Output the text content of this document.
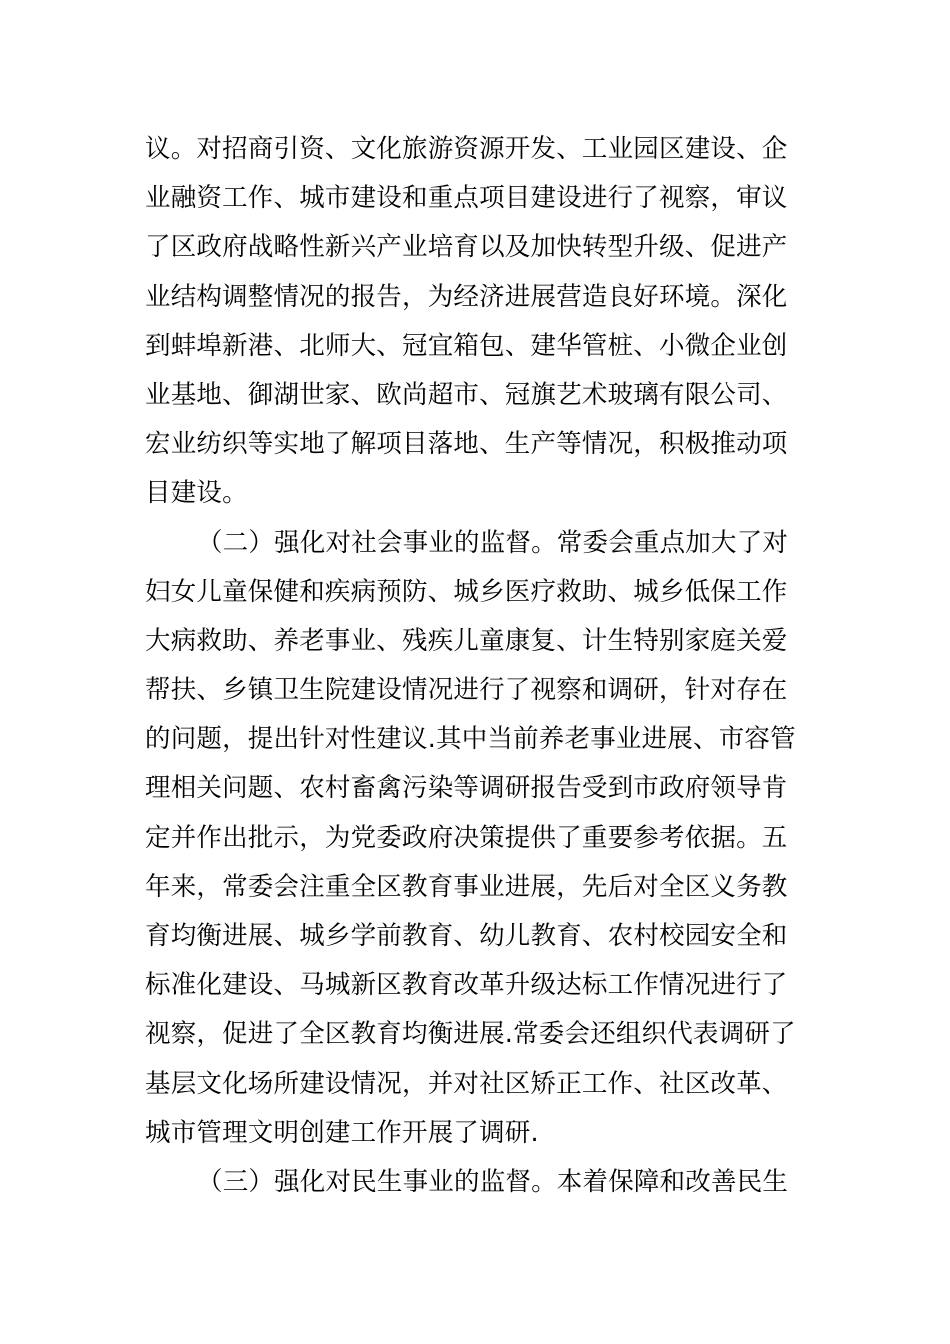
议。对招商引资、文化旅游资源开发、工业园区建设、企
业融资工作、城市建设和重点项目建设进行了视察，审议
了区政府战略性新兴产业培育以及加快转型升级、促进产
业结构调整情况的报告，为经济进展营造良好环境。深化
到蚌埠新港、北师大、冠宜箱包、建华管桩、小微企业创
业基地、御湖世家、欧尚超市、冠旗艺术玻璃有限公司、
宏业纺织等实地了解项目落地、生产等情况，积极推动项
目建设。
（二）强化对社会事业的监督。常委会重点加大了对
妇女儿童保健和疾病预防、城乡医疗救助、城乡低保工作
大病救助、养老事业、残疾儿童康复、计生特别家庭关爱
帮扶、乡镇卫生院建设情况进行了视察和调研，针对存在
的问题，提出针对性建议.其中当前养老事业进展、市容管
理相关问题、农村畜禽污染等调研报告受到市政府领导肯
定并作出批示，为党委政府决策提供了重要参考依据。五
年来，常委会注重全区教育事业进展，先后对全区义务教
育均衡进展、城乡学前教育、幼儿教育、农村校园安全和
标准化建设、马城新区教育改革升级达标工作情况进行了
视察，促进了全区教育均衡进展.常委会还组织代表调研了
基层文化场所建设情况，并对社区矫正工作、社区改革、
城市管理文明创建工作开展了调研.
（三）强化对民生事业的监督。本着保障和改善民生
